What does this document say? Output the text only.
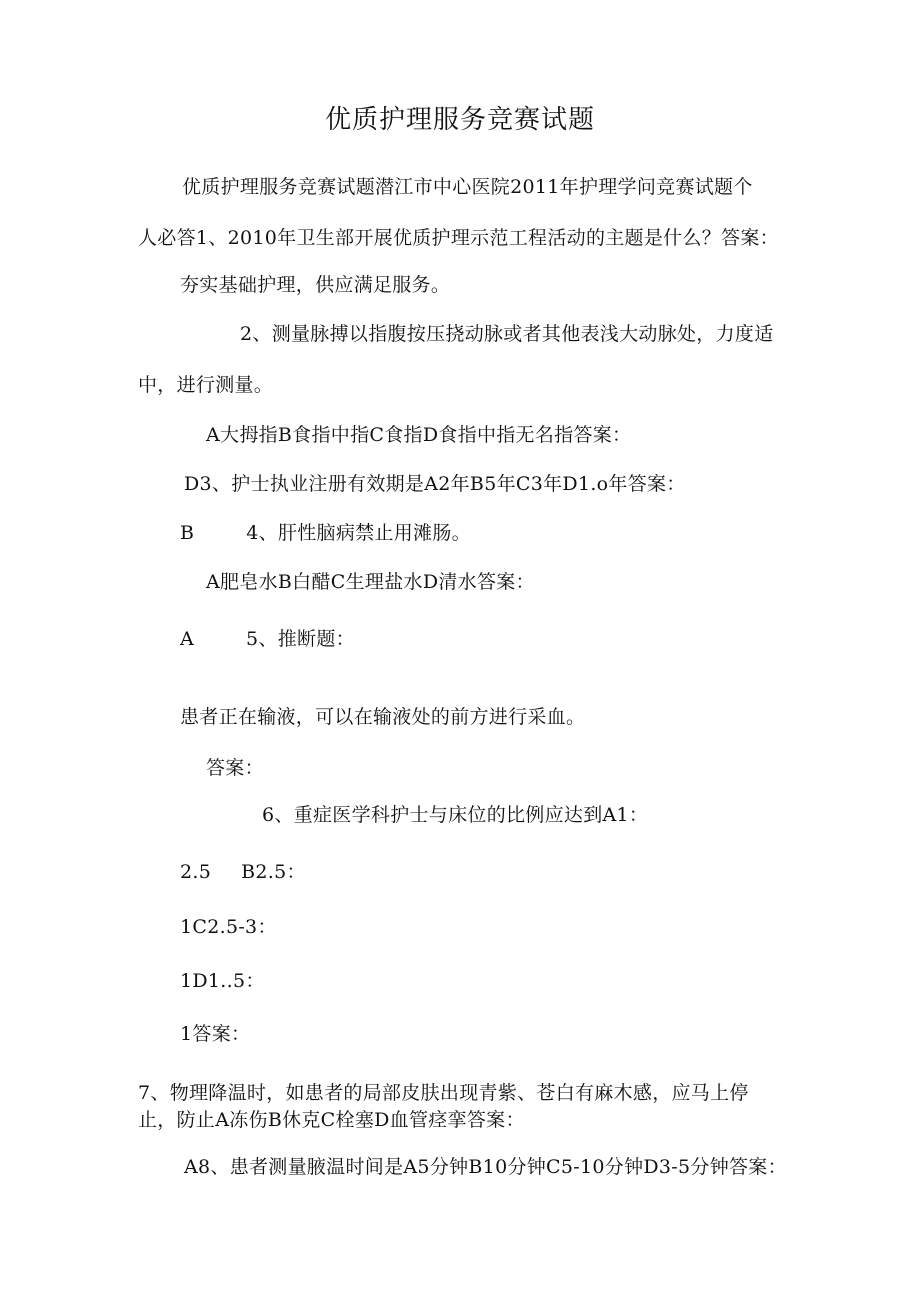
优质护理服务竞赛试题
优质护理服务竞赛试题潜江市中心医院2011年护理学问竞赛试题个
人必答1、2010年卫生部开展优质护理示范工程活动的主题是什么？答案：
夯实基础护理，供应满足服务。
2、测量脉搏以指腹按压挠动脉或者其他表浅大动脉处，力度适
中，进行测量。
A大拇指B食指中指C食指D食指中指无名指答案：
D3、护士执业注册有效期是A2年B5年C3年D1.o年答案：
B	4、肝性脑病禁止用滩肠。
A肥皂水B白醋C生理盐水D清水答案：
A	5、推断题：
患者正在输液，可以在输液处的前方进行采血。
答案：
6、重症医学科护士与床位的比例应达到A1：
2.5 B2.5：
1C2.5-3：
1D1..5：
1答案：
7、物理降温时，如患者的局部皮肤出现青紫、苍白有麻木感，应马上停
止，防止A冻伤B休克C栓塞D血管痉挛答案：
A8、患者测量腋温时间是A5分钟B10分钟C5-10分钟D3-5分钟答案：
